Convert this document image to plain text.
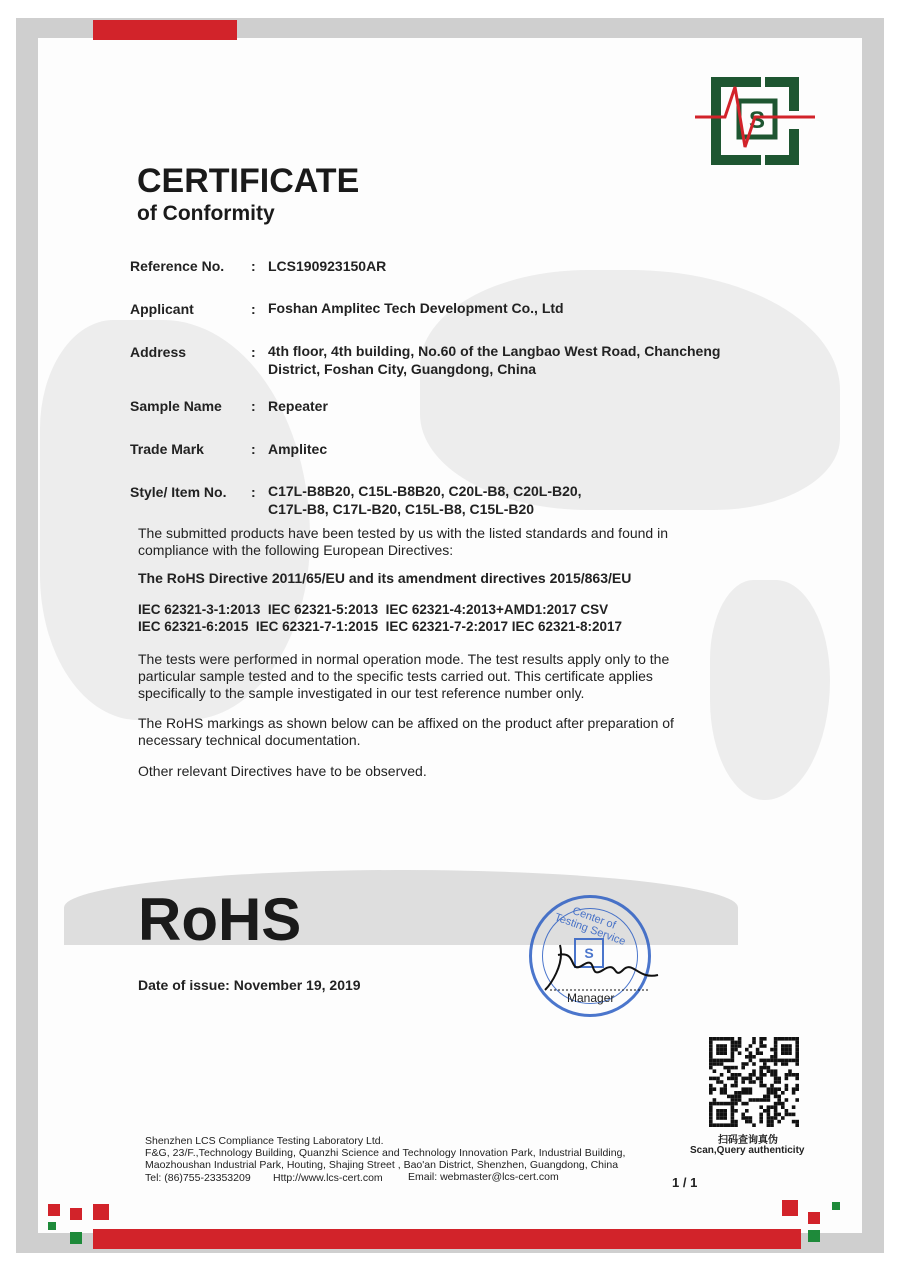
S
CERTIFICATE
of Conformity
Reference No. : LCS190923150AR
Applicant	: Foshan Amplitec Tech Development Co., Ltd
Address	: 4th floor, 4th building, No.60 of the Langbao West Road, Chancheng District, Foshan City, Guangdong, China
Sample Name : Repeater
Trade Mark	: Amplitec
Style/ Item No. : C17L-B8B20, C15L-B8B20, C20L-B8, C20L-B20, C17L-B8, C17L-B20, C15L-B8, C15L-B20
The submitted products have been tested by us with the listed standards and found in compliance with the following European Directives:
The RoHS Directive 2011/65/EU and its amendment directives 2015/863/EU
IEC 62321-3-1:2013  IEC 62321-5:2013  IEC 62321-4:2013+AMD1:2017 CSV
IEC 62321-6:2015  IEC 62321-7-1:2015  IEC 62321-7-2:2017 IEC 62321-8:2017
The tests were performed in normal operation mode. The test results apply only to the particular sample tested and to the specific tests carried out. This certificate applies specifically to the sample investigated in our test reference number only.
The RoHS markings as shown below can be affixed on the product after preparation of necessary technical documentation.
Other relevant Directives have to be observed.
RoHS
Date of issue: November 19, 2019
Center of Testing Service
S
Manager
扫码查询真伪
Scan,Query authenticity
Shenzhen LCS Compliance Testing Laboratory Ltd.
F&G, 23/F.,Technology Building, Quanzhi Science and Technology Innovation Park, Industrial Building,
Maozhoushan Industrial Park, Houting, Shajing Street , Bao'an District, Shenzhen, Guangdong, China
Tel: (86)755-23353209 Http://www.lcs-cert.com Email: webmaster@lcs-cert.com	1 / 1
